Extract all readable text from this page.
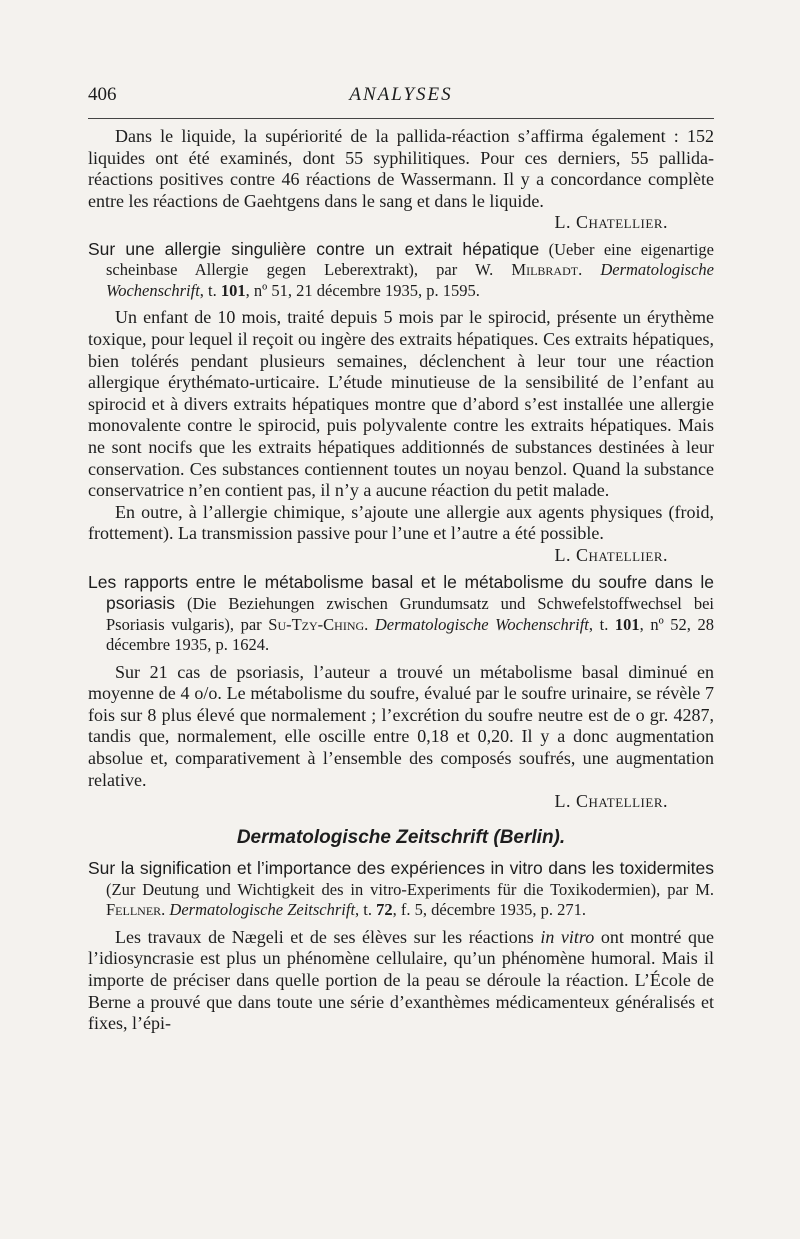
406	ANALYSES

Dans le liquide, la supériorité de la pallida-réaction s’affirma également : 152 liquides ont été examinés, dont 55 syphilitiques. Pour ces derniers, 55 pallida-réactions positives contre 46 réactions de Wassermann. Il y a concordance complète entre les réactions de Gaehtgens dans le sang et dans le liquide.

L. Chatellier.

Sur une allergie singulière contre un extrait hépatique (Ueber eine eigenartige scheinbase Allergie gegen Leberextrakt), par W. Milbradt. Dermatologische Wochenschrift, t. 101, nº 51, 21 décembre 1935, p. 1595.

Un enfant de 10 mois, traité depuis 5 mois par le spirocid, présente un érythème toxique, pour lequel il reçoit ou ingère des extraits hépatiques. Ces extraits hépatiques, bien tolérés pendant plusieurs semaines, déclenchent à leur tour une réaction allergique érythémato-urticaire. L’étude minutieuse de la sensibilité de l’enfant au spirocid et à divers extraits hépatiques montre que d’abord s’est installée une allergie monovalente contre le spirocid, puis polyvalente contre les extraits hépatiques. Mais ne sont nocifs que les extraits hépatiques additionnés de substances destinées à leur conservation. Ces substances contiennent toutes un noyau benzol. Quand la substance conservatrice n’en contient pas, il n’y a aucune réaction du petit malade.

En outre, à l’allergie chimique, s’ajoute une allergie aux agents physiques (froid, frottement). La transmission passive pour l’une et l’autre a été possible.

L. Chatellier.

Les rapports entre le métabolisme basal et le métabolisme du soufre dans le psoriasis (Die Beziehungen zwischen Grundumsatz und Schwefelstoffwechsel bei Psoriasis vulgaris), par Su-Tzy-Ching. Dermatologische Wochenschrift, t. 101, nº 52, 28 décembre 1935, p. 1624.

Sur 21 cas de psoriasis, l’auteur a trouvé un métabolisme basal diminué en moyenne de 4 o/o. Le métabolisme du soufre, évalué par le soufre urinaire, se révèle 7 fois sur 8 plus élevé que normalement ; l’excrétion du soufre neutre est de o gr. 4287, tandis que, normalement, elle oscille entre 0,18 et 0,20. Il y a donc augmentation absolue et, comparativement à l’ensemble des composés soufrés, une augmentation relative.

L. Chatellier.

Dermatologische Zeitschrift (Berlin).
Sur la signification et l’importance des expériences in vitro dans les toxidermites (Zur Deutung und Wichtigkeit des in vitro-Experiments für die Toxikodermien), par M. Fellner. Dermatologische Zeitschrift, t. 72, f. 5, décembre 1935, p. 271.

Les travaux de Nægeli et de ses élèves sur les réactions in vitro ont montré que l’idiosyncrasie est plus un phénomène cellulaire, qu’un phénomène humoral. Mais il importe de préciser dans quelle portion de la peau se déroule la réaction. L’École de Berne a prouvé que dans toute une série d’exanthèmes médicamenteux généralisés et fixes, l’épi-
